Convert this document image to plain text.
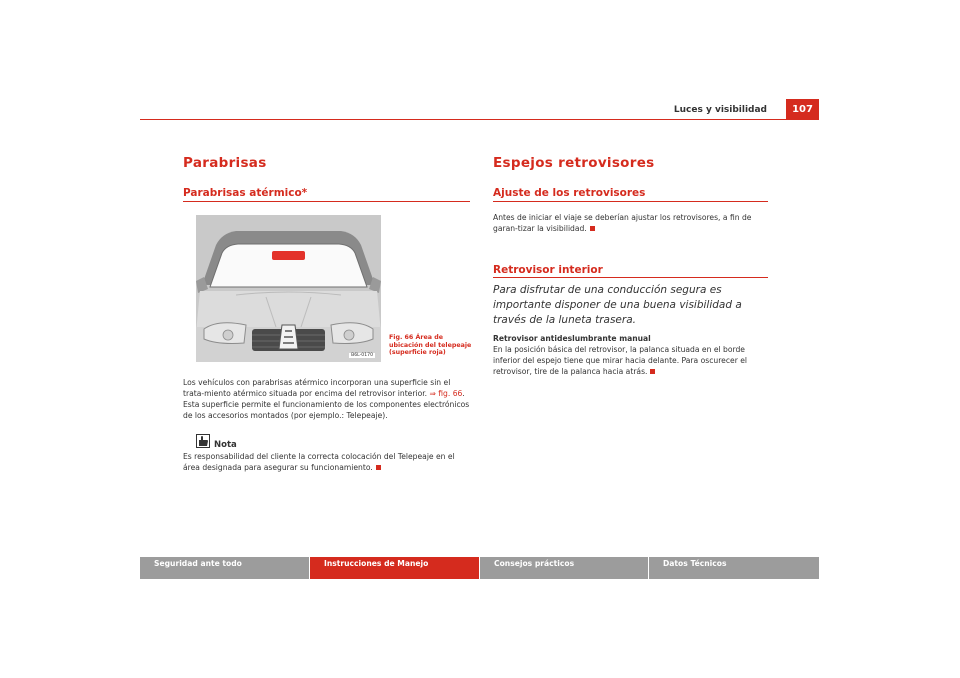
Luces y visibilidad	107
Parabrisas
Parabrisas atérmico*
B6L-0170
Fig. 66 Área de ubicación del telepeaje (superficie roja)

Los vehículos con parabrisas atérmico incorporan una superficie sin el trata-miento atérmico situada por encima del retrovisor interior. ⇒ fig. 66. Esta superficie permite el funcionamiento de los componentes electrónicos de los accesorios montados (por ejemplo.: Telepeaje).

Nota

Es responsabilidad del cliente la correcta colocación del Telepeaje en el área designada para asegurar su funcionamiento.

Espejos retrovisores
Ajuste de los retrovisores

Antes de iniciar el viaje se deberían ajustar los retrovisores, a fin de garan-tizar la visibilidad.

Retrovisor interior

Para disfrutar de una conducción segura es importante disponer de una buena visibilidad a través de la luneta trasera.

Retrovisor antideslumbrante manual
En la posición básica del retrovisor, la palanca situada en el borde inferior del espejo tiene que mirar hacia delante. Para oscurecer el retrovisor, tire de la palanca hacia atrás.

Seguridad ante todo	Instrucciones de Manejo	Consejos prácticos	Datos Técnicos
